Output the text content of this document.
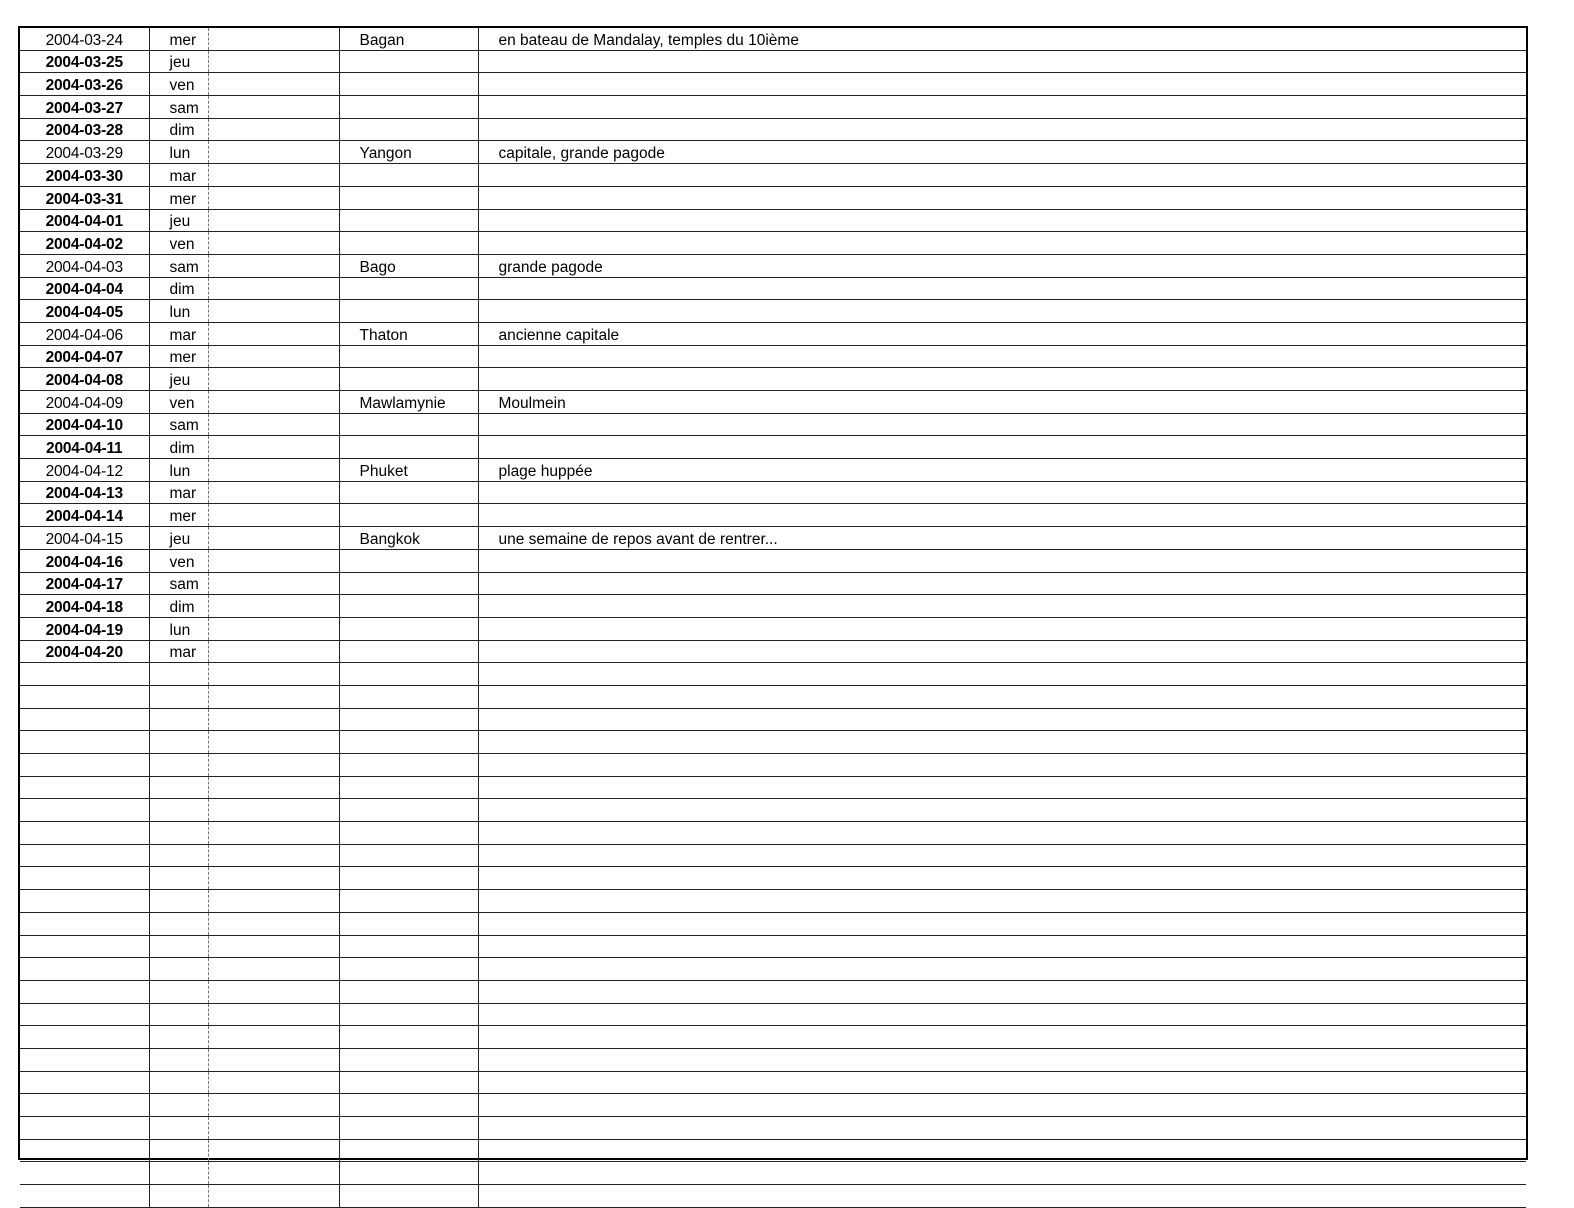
2004-03-24	mer		Bagan	en bateau de Mandalay, temples du 10ième
2004-03-25	jeu			
2004-03-26	ven			
2004-03-27	sam			
2004-03-28	dim			
2004-03-29	lun		Yangon	capitale, grande pagode
2004-03-30	mar			
2004-03-31	mer			
2004-04-01	jeu			
2004-04-02	ven			
2004-04-03	sam		Bago	grande pagode
2004-04-04	dim			
2004-04-05	lun			
2004-04-06	mar		Thaton	ancienne capitale
2004-04-07	mer			
2004-04-08	jeu			
2004-04-09	ven		Mawlamynie	Moulmein
2004-04-10	sam			
2004-04-11	dim			
2004-04-12	lun		Phuket	plage huppée
2004-04-13	mar			
2004-04-14	mer			
2004-04-15	jeu		Bangkok	une semaine de repos avant de rentrer...
2004-04-16	ven			
2004-04-17	sam			
2004-04-18	dim			
2004-04-19	lun			
2004-04-20	mar			
